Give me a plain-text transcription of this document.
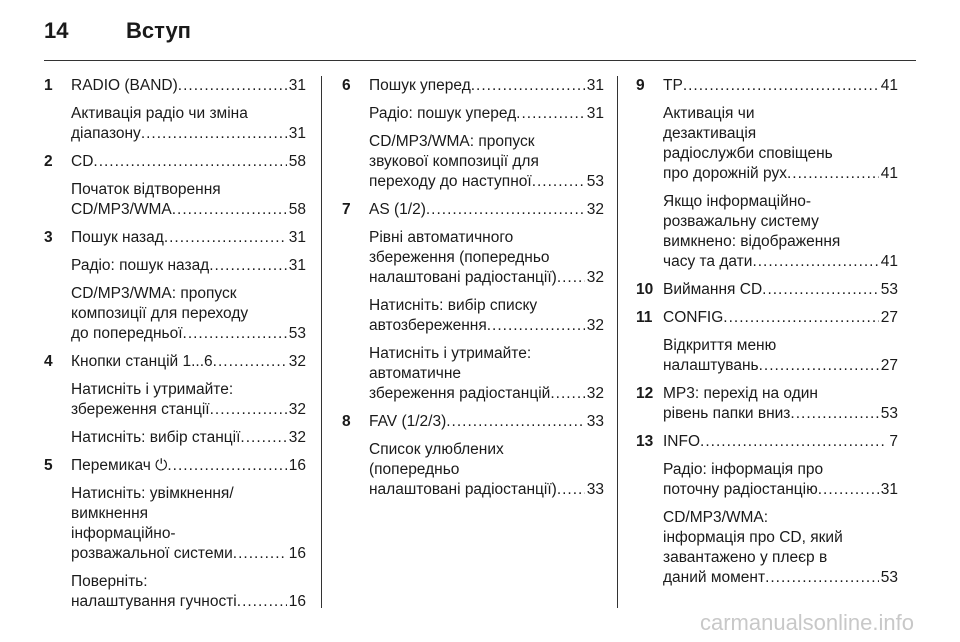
14	Вступ
1	RADIO (BAND) .....	31
Активація радіо чи зміна
діапазону .....	31
2	CD .....	58
Початок відтворення
CD/MP3/WMA .....	58
3	Пошук назад .....	31
Радіо: пошук назад .....	31
CD/MP3/WMA: пропуск
композиції для переходу
до попередньої .....	53
4	Кнопки станцій 1...6 .....	32
Натисніть і утримайте:
збереження станції .....	32
Натисніть: вибір станції .....	32
5	Перемикач ⏻ .....	16
Натисніть: увімкнення/
вимкнення
інформаційно-
розважальної системи .....	16
Поверніть:
налаштування гучності .....	16
6	Пошук уперед .....	31
Радіо: пошук уперед .....	31
CD/MP3/WMA: пропуск
звукової композиції для
переходу до наступної .....	53
7	AS (1/2) .....	32
Рівні автоматичного
збереження (попередньо
налаштовані радіостанції) ..... 32
Натисніть: вибір списку
автозбереження .....	32
Натисніть і утримайте:
автоматичне
збереження радіостанцій ..... 32
8	FAV (1/2/3) .....	33
Список улюблених
(попередньо
налаштовані радіостанції) ..... 33
9	TP .....	41
Активація чи
дезактивація
радіослужби сповіщень
про дорожній рух .....	41
Якщо інформаційно-
розважальну систему
вимкнено: відображення
часу та дати .....	41
10 Виймання CD .....	53
11 CONFIG .....	27
Відкриття меню
налаштувань .....	27
12 MP3: перехід на один
рівень папки вниз .....	53
13 INFO .....	7
Радіо: інформація про
поточну радіостанцію .....	31
CD/MP3/WMA:
інформація про CD, який
завантажено у плеєр в
даний момент .....	53
carmanualsonline.info
